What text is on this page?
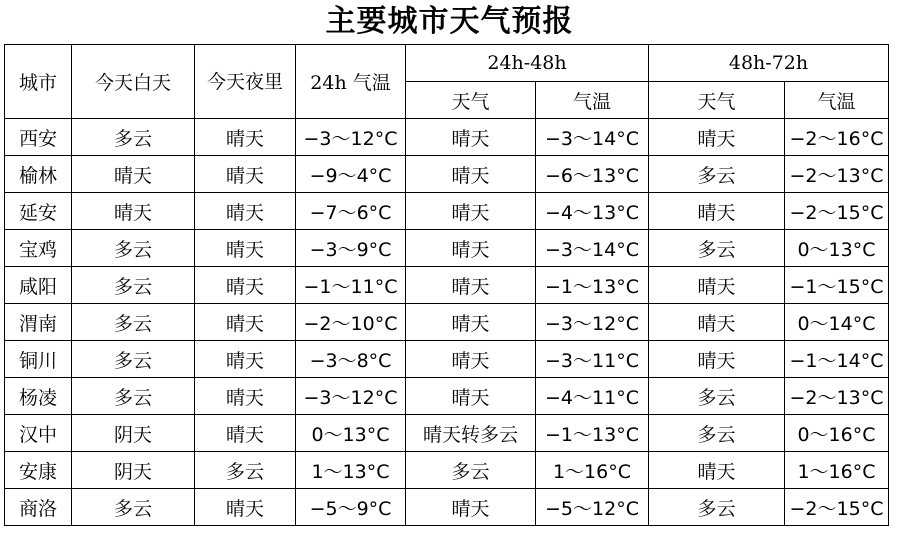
主要城市天气预报
城市	今天白天	今天夜里	24h 气温	24h-48h		48h-72h	
				天气	气温	天气	气温
西安	多云	晴天	−3～12°C	晴天	−3～14°C	晴天	−2～16°C
榆林	晴天	晴天	−9～4°C	晴天	−6～13°C	多云	−2～13°C
延安	晴天	晴天	−7～6°C	晴天	−4～13°C	晴天	−2～15°C
宝鸡	多云	晴天	−3～9°C	晴天	−3～14°C	多云	0～13°C
咸阳	多云	晴天	−1～11°C	晴天	−1～13°C	晴天	−1～15°C
渭南	多云	晴天	−2～10°C	晴天	−3～12°C	晴天	0～14°C
铜川	多云	晴天	−3～8°C	晴天	−3～11°C	晴天	−1～14°C
杨凌	多云	晴天	−3～12°C	晴天	−4～11°C	多云	−2～13°C
汉中	阴天	晴天	0～13°C	晴天转多云	−1～13°C	多云	0～16°C
安康	阴天	多云	1～13°C	多云	1～16°C	晴天	1～16°C
商洛	多云	晴天	−5～9°C	晴天	−5～12°C	多云	−2～15°C
